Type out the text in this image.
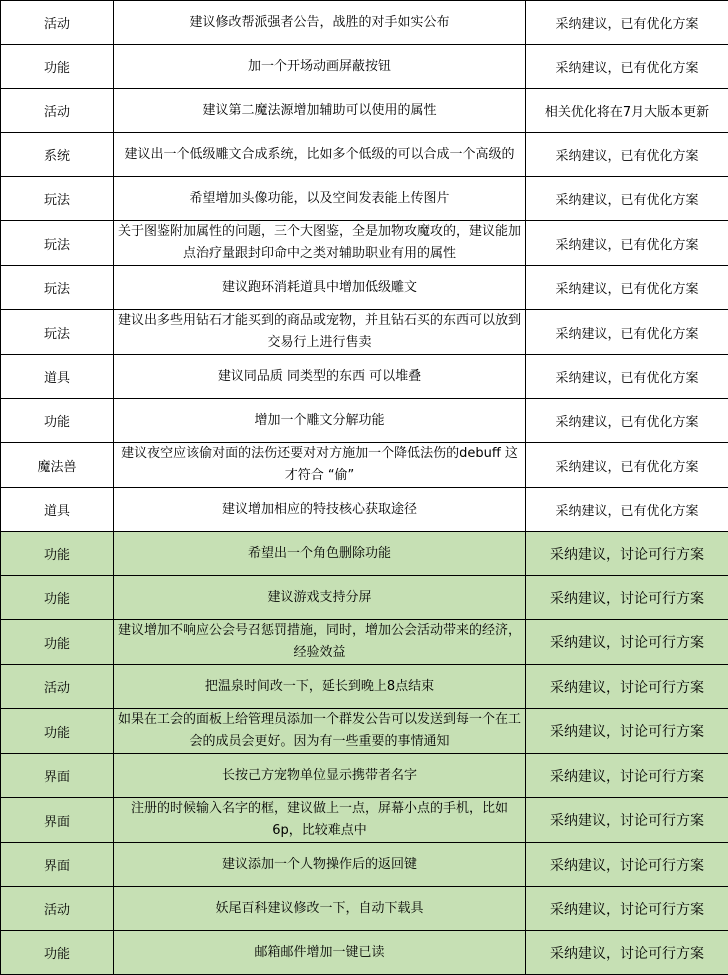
活动	建议修改帮派强者公告，战胜的对手如实公布	采纳建议，已有优化方案
功能	加一个开场动画屏蔽按钮	采纳建议，已有优化方案
活动	建议第二魔法源增加辅助可以使用的属性	相关优化将在7月大版本更新
系统	建议出一个低级雕文合成系统，比如多个低级的可以合成一个高级的	采纳建议，已有优化方案
玩法	希望增加头像功能，以及空间发表能上传图片	采纳建议，已有优化方案
玩法	关于图鉴附加属性的问题，三个大图鉴，全是加物攻魔攻的，建议能加点治疗量跟封印命中之类对辅助职业有用的属性	采纳建议，已有优化方案
玩法	建议跑环消耗道具中增加低级雕文	采纳建议，已有优化方案
玩法	建议出多些用钻石才能买到的商品或宠物，并且钻石买的东西可以放到交易行上进行售卖	采纳建议，已有优化方案
道具	建议同品质 同类型的东西 可以堆叠	采纳建议，已有优化方案
功能	增加一个雕文分解功能	采纳建议，已有优化方案
魔法兽	建议夜空应该偷对面的法伤还要对对方施加一个降低法伤的debuff 这才符合 “偷”	采纳建议，已有优化方案
道具	建议增加相应的特技核心获取途径	采纳建议，已有优化方案
功能	希望出一个角色删除功能	采纳建议，讨论可行方案
功能	建议游戏支持分屏	采纳建议，讨论可行方案
功能	建议增加不响应公会号召惩罚措施，同时，增加公会活动带来的经济，经验效益	采纳建议，讨论可行方案
活动	把温泉时间改一下，延长到晚上8点结束	采纳建议，讨论可行方案
功能	如果在工会的面板上给管理员添加一个群发公告可以发送到每一个在工会的成员会更好。因为有一些重要的事情通知	采纳建议，讨论可行方案
界面	长按己方宠物单位显示携带者名字	采纳建议，讨论可行方案
界面	注册的时候输入名字的框，建议做上一点，屏幕小点的手机，比如6p，比较难点中	采纳建议，讨论可行方案
界面	建议添加一个人物操作后的返回键	采纳建议，讨论可行方案
活动	妖尾百科建议修改一下，自动下载具	采纳建议，讨论可行方案
功能	邮箱邮件增加一键已读	采纳建议，讨论可行方案
